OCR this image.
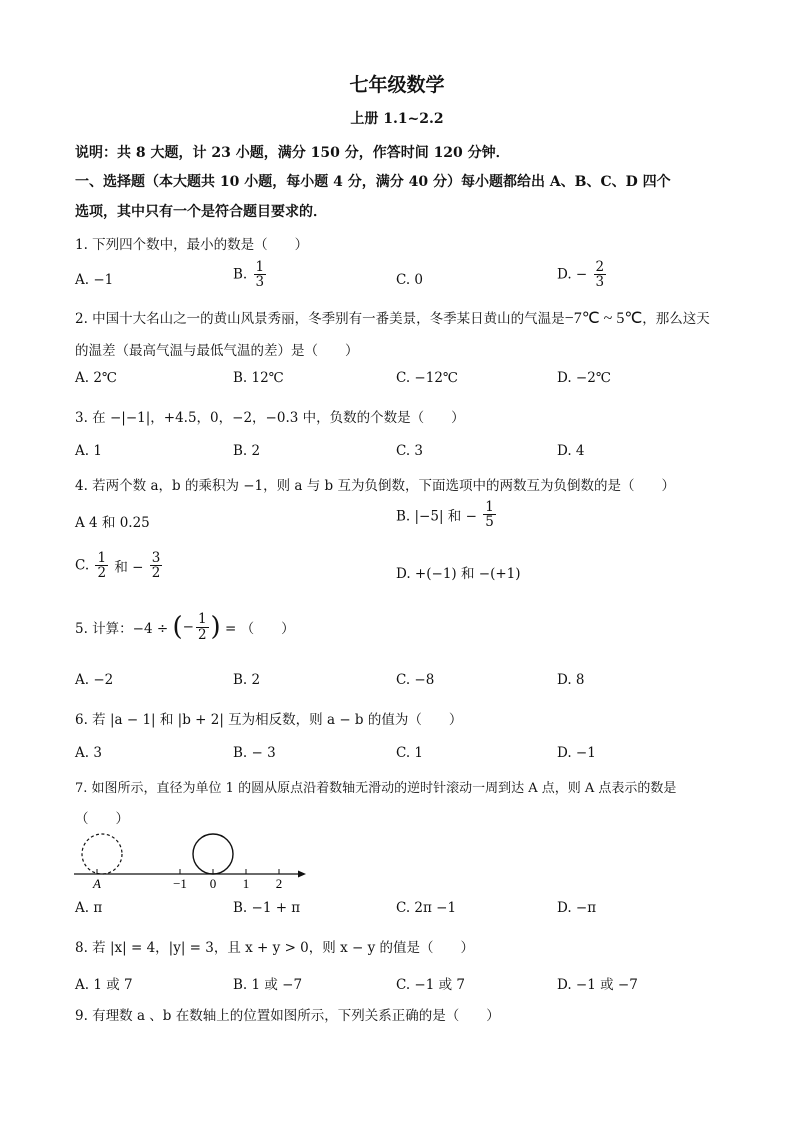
七年级数学
上册 1.1~2.2
说明：共 8 大题，计 23 小题，满分 150 分，作答时间 120 分钟．
一、选择题（本大题共 10 小题，每小题 4 分，满分 40 分）每小题都给出 A、B、C、D 四个
选项，其中只有一个是符合题目要求的．
1. 下列四个数中，最小的数是（　　）
A. −1	B. $\frac{1}{3}$	C. 0	D. − $\frac{2}{3}$
2. 中国十大名山之一的黄山风景秀丽，冬季别有一番美景，冬季某日黄山的气温是−7℃ ~ 5℃，那么这天
的温差（最高气温与最低气温的差）是（　　）
A. 2℃	B. 12℃	C. −12℃	D. −2℃
3. 在 −|−1|，+4.5，0，−2，−0.3 中，负数的个数是（　　）
A. 1	B. 2	C. 3	D. 4
4. 若两个数 a，b 的乘积为 −1，则 a 与 b 互为负倒数，下面选项中的两数互为负倒数的是（　　）
A 4 和 0.25	B. |−5| 和 − $\frac{1}{5}$
C. $\frac{1}{2}$ 和 − $\frac{3}{2}$	D. +(−1) 和 −(+1)
5. 计算：−4 ÷ (− $\frac{1}{2}$ ) = （　　）
A. −2	B. 2	C. −8	D. 8
6. 若 |a − 1| 和 |b + 2| 互为相反数，则 a − b 的值为（　　）
A. 3	B. − 3	C. 1	D. −1
7. 如图所示，直径为单位 1 的圆从原点沿着数轴无滑动的逆时针滚动一周到达 A 点，则 A 点表示的数是
（　　）
A	−1 0 1 2
A. π	B. −1 + π	C. 2π −1	D. −π
8. 若 |x| = 4，|y| = 3，且 x + y > 0，则 x − y 的值是（　　）
A. 1 或 7	B. 1 或 −7	C. −1 或 7	D. −1 或 −7
9. 有理数 a 、b 在数轴上的位置如图所示，下列关系正确的是（　　）
